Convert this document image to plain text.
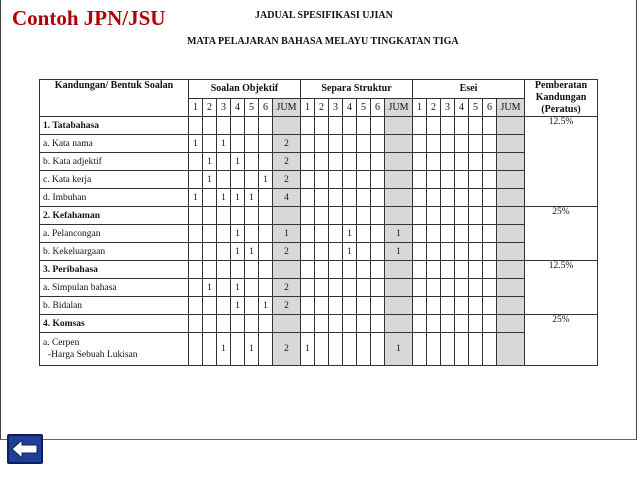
Contoh JPN/JSU	JADUAL SPESIFIKASI UJIAN
MATA PELAJARAN BAHASA MELAYU TINGKATAN TIGA
Kandungan/ Bentuk Soalan	Soalan Objektif							Separa Struktur							Esei							Pemberatan Kandungan (Peratus)
	1	2	3	4	5	6	JUM	1	2	3	4	5	6	JUM	1	2	3	4	5	6	JUM	
1. Tatabahasa																						12.5%
a. Kata nama	1		1				2															
b. Kata adjektif		1		1			2															
c. Kata kerja		1				1	2															
d. Imbuhan	1		1	1	1		4															
2. Kefahaman																						25%
a. Pelancongan				1			1				1			1								
b. Kekeluargaan				1	1		2				1			1								
3. Peribahasa																						12.5%
a. Simpulan bahasa		1		1			2															
b. Bidalan				1		1	2															
4. Komsas																						25%

a. Cerpen
-Harga Sebuah Lukisan			1		1		2	1						1								
